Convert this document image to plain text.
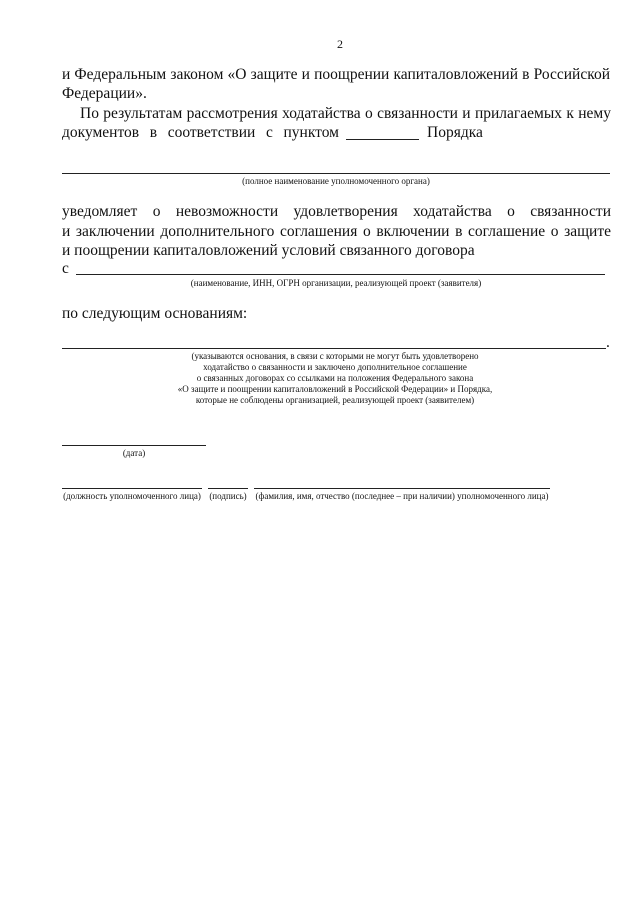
2
и Федеральным законом «О защите и поощрении капиталовложений в Российской
Федерации».
По результатам рассмотрения ходатайства о связанности и прилагаемых к нему
документов в соответствии с пунктом	Порядка
(полное наименование уполномоченного органа)
уведомляет о невозможности удовлетворения ходатайства о связанности
и заключении дополнительного соглашения о включении в соглашение о защите
и поощрении капиталовложений условий связанного договора
с
(наименование, ИНН, ОГРН организации, реализующей проект (заявителя)
по следующим основаниям:
.
(указываются основания, в связи с которыми не могут быть удовлетворено
ходатайство о связанности и заключено дополнительное соглашение
о связанных договорах со ссылками на положения Федерального закона
«О защите и поощрении капиталовложений в Российской Федерации» и Порядка,
которые не соблюдены организацией, реализующей проект (заявителем)
(дата)
(должность уполномоченного лица) (подпись) (фамилия, имя, отчество (последнее – при наличии) уполномоченного лица)
